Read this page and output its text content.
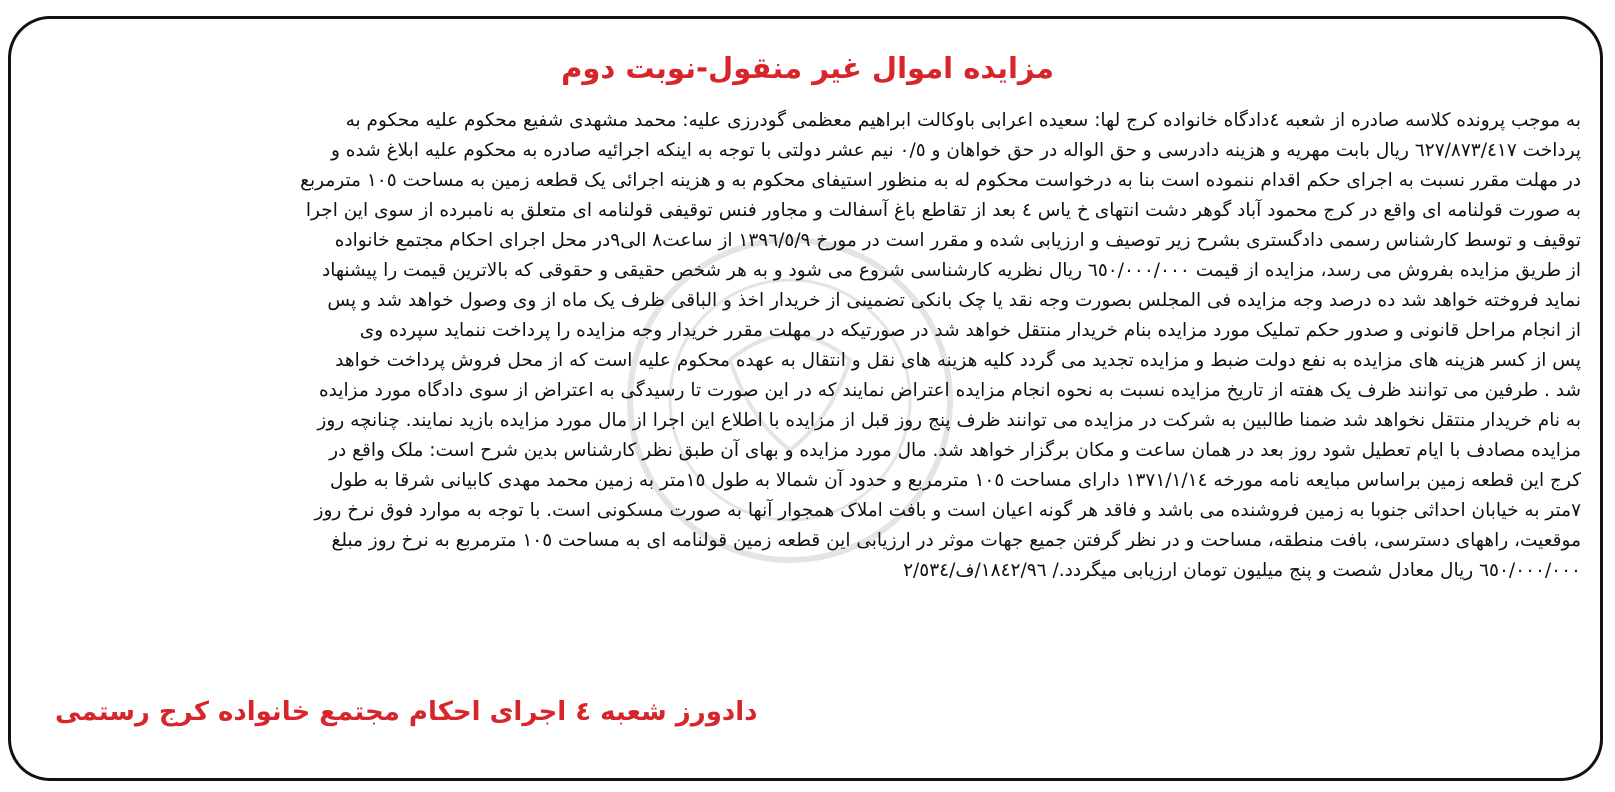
مزایده اموال غیر منقول-نوبت دوم
به موجب پرونده کلاسه صادره از شعبه ٤دادگاه خانواده کرج لها: سعیده اعرابی باوکالت ابراهیم معظمی گودرزی علیه: محمد مشهدی شفیع محکوم علیه محکوم به
پرداخت ٦٢٧/٨٧٣/٤١٧ ریال بابت مهریه و هزینه دادرسی و حق الواله در حق خواهان و ٠/٥ نیم عشر دولتی با توجه به اینکه اجرائیه صادره به محکوم علیه ابلاغ شده و
در مهلت مقرر نسبت به اجرای حکم اقدام ننموده است بنا به درخواست محکوم له به منظور استیفای محکوم به و هزینه اجرائی یک قطعه زمین به مساحت ١٠٥ مترمربع
به صورت قولنامه ای واقع در کرج محمود آباد گوهر دشت انتهای خ یاس ٤ بعد از تقاطع باغ آسفالت و مجاور فنس توقیفی قولنامه ای متعلق به نامبرده از سوی این اجرا
توقیف و توسط کارشناس رسمی دادگستری بشرح زیر توصیف و ارزیابی شده و مقرر است در مورخ ١٣٩٦/٥/٩ از ساعت٨ الی٩در محل اجرای احکام مجتمع خانواده
از طریق مزایده بفروش می رسد، مزایده از قیمت ٦٥٠/٠٠٠/٠٠٠ ریال نظریه کارشناسی شروع می شود و به هر شخص حقیقی و حقوقی که بالاترین قیمت را پیشنهاد
نماید فروخته خواهد شد ده درصد وجه مزایده فی المجلس بصورت وجه نقد یا چک بانکی تضمینی از خریدار اخذ و الباقی ظرف یک ماه از وی وصول خواهد شد و پس
از انجام مراحل قانونی و صدور حکم تملیک مورد مزایده بنام خریدار منتقل خواهد شد در صورتیکه در مهلت مقرر خریدار وجه مزایده را پرداخت ننماید سپرده وی
پس از کسر هزینه های مزایده به نفع دولت ضبط و مزایده تجدید می گردد کلیه هزینه های نقل و انتقال به عهده محکوم علیه است که از محل فروش پرداخت خواهد
شد . طرفین می توانند ظرف یک هفته از تاریخ مزایده نسبت به نحوه انجام مزایده اعتراض نمایند که در این صورت تا رسیدگی به اعتراض از سوی دادگاه مورد مزایده
به نام خریدار منتقل نخواهد شد ضمنا طالبین به شرکت در مزایده می توانند ظرف پنج روز قبل از مزایده با اطلاع این اجرا از مال مورد مزایده بازید نمایند. چنانچه روز
مزایده مصادف با ایام تعطیل شود روز بعد در همان ساعت و مکان برگزار خواهد شد. مال مورد مزایده و بهای آن طبق نظر کارشناس بدین شرح است: ملک واقع در
کرج این قطعه زمین براساس مبایعه نامه مورخه ١٣٧١/١/١٤ دارای مساحت ١٠٥ مترمربع و حدود آن شمالا به طول ١٥متر به زمین محمد مهدی کابیانی شرقا به طول
٧متر به خیابان احداثی جنوبا به زمین فروشنده می باشد و فاقد هر گونه اعیان است و بافت املاک همجوار آنها به صورت مسکونی است. با توجه به موارد فوق نرخ روز
موقعیت، راههای دسترسی، بافت منطقه، مساحت و در نظر گرفتن جمیع جهات موثر در ارزیابی این قطعه زمین قولنامه ای به مساحت ١٠٥ مترمربع به نرخ روز مبلغ
٦٥٠/٠٠٠/٠٠٠ ریال معادل شصت و پنج میلیون تومان ارزیابی میگردد./ ١٨٤٢/٩٦/ف/٢/٥٣٤
دادورز شعبه ٤ اجرای احکام مجتمع خانواده کرج رستمی
